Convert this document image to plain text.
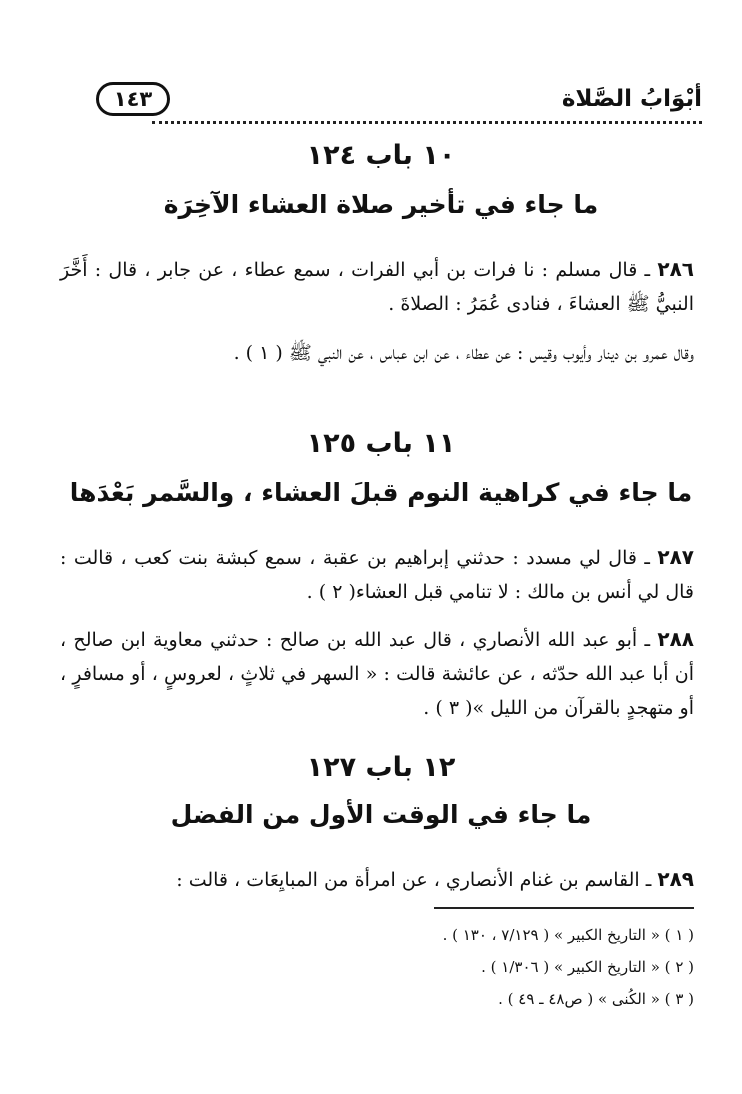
أبْوَابُ الصَّلاة
١٤٣
١٠ باب ١٢٤
ما جاء في تأخير صلاة العشاء الآخِرَة
٢٨٦ ـ قال مسلم : نا فرات بن أبي الفرات ، سمع عطاء ، عن جابر ، قال : أَخَّرَ النبيُّ ﷺ العشاءَ ، فنادى عُمَرُ : الصلاةَ .
وقال عمرو بن دينار وأيوب وقيس : عن عطاء ، عن ابن عباس ، عن النبي ﷺ ( ١ ) .
١١ باب ١٢٥
ما جاء في كراهية النوم قبلَ العشاء ، والسَّمر بَعْدَها
٢٨٧ ـ قال لي مسدد : حدثني إبراهيم بن عقبة ، سمع كبشة بنت كعب ، قالت : قال لي أنس بن مالك : لا تنامي قبل العشاء( ٢ ) .
٢٨٨ ـ أبو عبد الله الأنصاري ، قال عبد الله بن صالح : حدثني معاوية ابن صالح ، أن أبا عبد الله حدّثه ، عن عائشة قالت : « السهر في ثلاثٍ ، لعروسٍ ، أو مسافرٍ ، أو متهجدٍ بالقرآن من الليل »( ٣ ) .
١٢ باب ١٢٧
ما جاء في الوقت الأول من الفضل
٢٨٩ ـ القاسم بن غنام الأنصاري ، عن امرأة من المبايِعَات ، قالت :
( ١ ) « التاريخ الكبير » ( ٧/١٢٩ ، ١٣٠ ) .
( ٢ ) « التاريخ الكبير » ( ١/٣٠٦ ) .
( ٣ ) « الكُنى » ( ص٤٨ ـ ٤٩ ) .
